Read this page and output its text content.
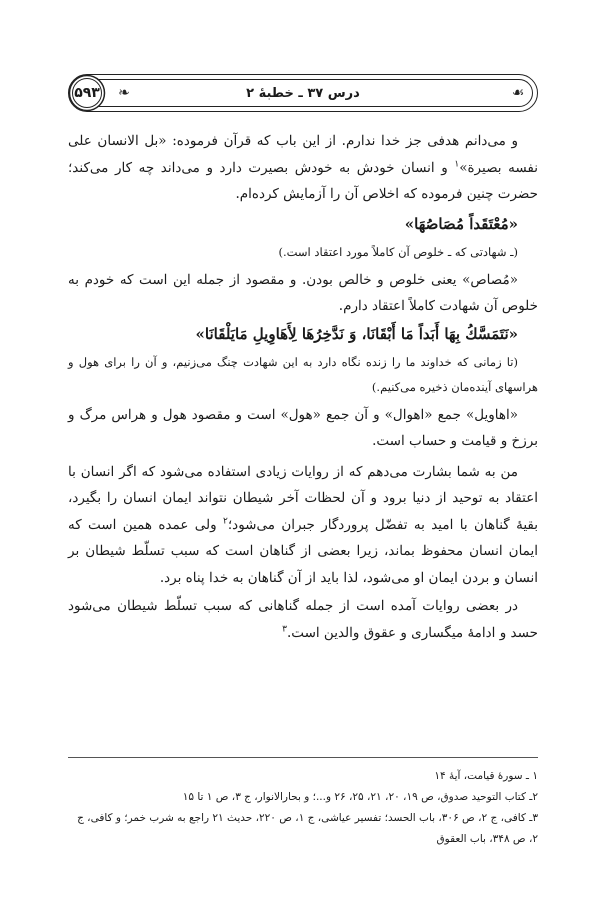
۵۹۳	❧	درس ۳۷ ـ خطبهٔ ۲	☙

و می‌دانم هدفی جز خدا ندارم. از این باب که قرآن فرموده: «بل الانسان علی نفسه بصیرة»$^۱$ و انسان خودش به خودش بصیرت دارد و می‌داند چه کار می‌کند؛ حضرت چنین فرموده که اخلاص آن را آزمایش کرده‌ام.

«مُعْتَقَداً مُصَاصُهَا»

(ـ شهادتی که ـ خلوص آن کاملاً مورد اعتقاد است.)

«مُصاص» یعنی خلوص و خالص بودن. و مقصود از جمله این است که خودم به خلوص آن شهادت کاملاً اعتقاد دارم.

«نَتَمَسَّكُ بِهَا أَبَداً مَا أَبْقَانَا، وَ نَدَّخِرُهَا لِأَهَاوِيلِ مَايَلْقَانَا»

(تا زمانی که خداوند ما را زنده نگاه دارد به این شهادت چنگ می‌زنیم، و آن را برای هول و هراسهای آینده‌مان ذخیره می‌کنیم.)

«اهاویل» جمع «اهوال» و آن جمع «هول» است و مقصود هول و هراس مرگ و برزخ و قیامت و حساب است.

من به شما بشارت می‌دهم که از روایات زیادی استفاده می‌شود که اگر انسان با اعتقاد به توحید از دنیا برود و آن لحظات آخر شیطان نتواند ایمان انسان را بگیرد، بقیهٔ گناهان با امید به تفضّل پروردگار جبران می‌شود؛$^۲$ ولی عمده همین است که ایمان انسان محفوظ بماند، زیرا بعضی از گناهان است که سبب تسلّط شیطان بر انسان و بردن ایمان او می‌شود، لذا باید از آن گناهان به خدا پناه برد.

در بعضی روایات آمده است از جمله گناهانی که سبب تسلّط شیطان می‌شود حسد و ادامهٔ میگساری و عقوق والدین است.$^۳$

۱ ـ سورهٔ قیامت، آیهٔ ۱۴
۲ـ کتاب التوحید صدوق، ص ۱۹، ۲۰، ۲۱، ۲۵، ۲۶ و...؛ و بحارالانوار، ج ۳، ص ۱ تا ۱۵
۳ـ کافی، ج ۲، ص ۳۰۶، باب الحسد؛ تفسیر عیاشی، ج ۱، ص ۲۲۰، حدیث ۲۱ راجع به شرب خمر؛ و کافی، ج ۲، ص ۳۴۸، باب العقوق
